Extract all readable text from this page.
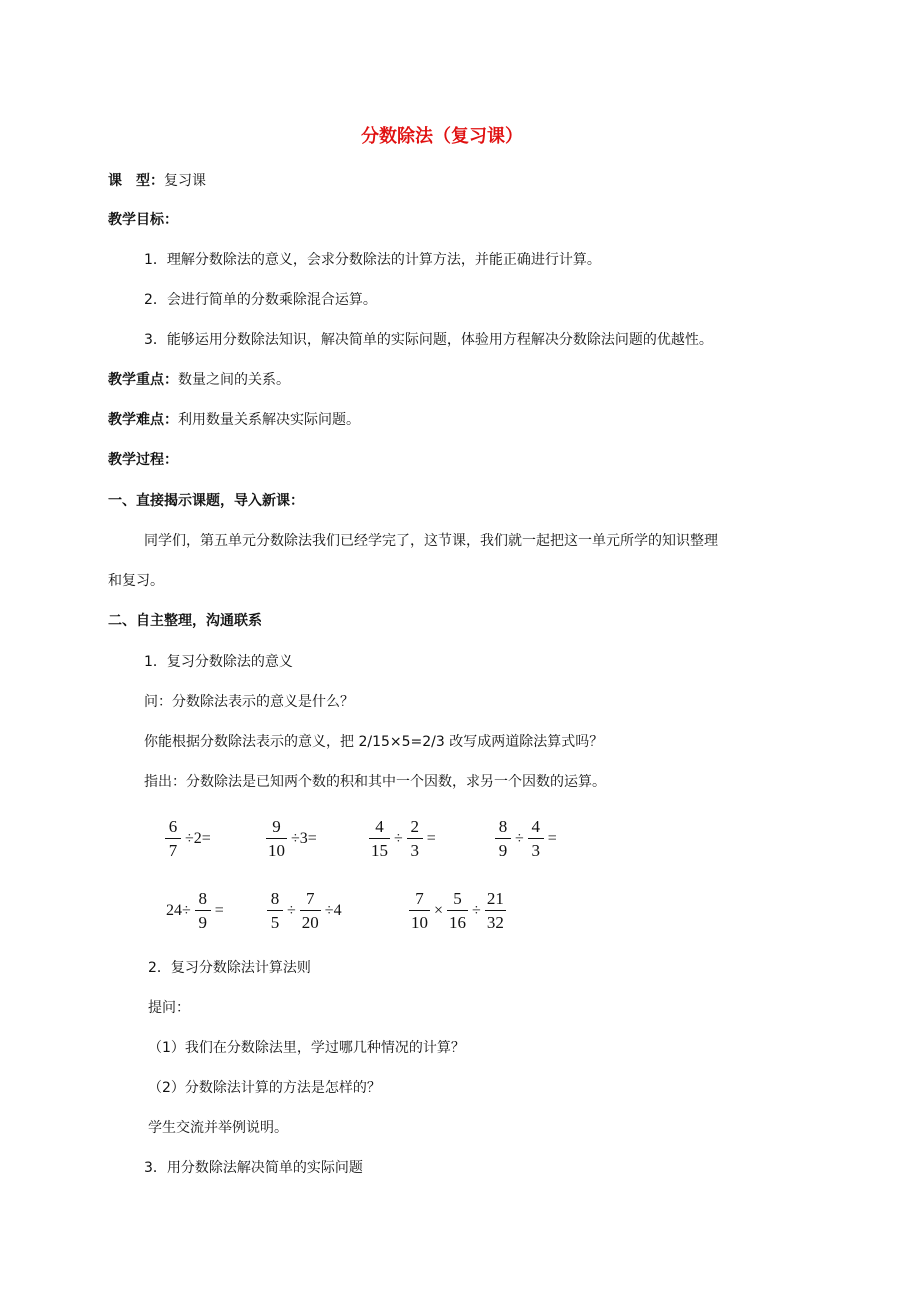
分数除法（复习课）
课　型：复习课
教学目标：
1．理解分数除法的意义，会求分数除法的计算方法，并能正确进行计算。
2．会进行简单的分数乘除混合运算。
3．能够运用分数除法知识，解决简单的实际问题，体验用方程解决分数除法问题的优越性。
教学重点：数量之间的关系。
教学难点：利用数量关系解决实际问题。
教学过程：
一、直接揭示课题，导入新课：
同学们，第五单元分数除法我们已经学完了，这节课，我们就一起把这一单元所学的知识整理
和复习。
二、自主整理，沟通联系
1．复习分数除法的意义
问：分数除法表示的意义是什么？
你能根据分数除法表示的意义，把 2/15×5=2/3 改写成两道除法算式吗？
指出：分数除法是已知两个数的积和其中一个因数，求另一个因数的运算。
$\frac{6}{7} \div 2=$	$\frac{9}{10} \div 3=$	$\frac{4}{15} \div \frac{2}{3}$ =	$\frac{8}{9} \div \frac{4}{3}$ =
$24\div \frac{8}{9}$ =	$\frac{8}{5} \div \frac{7}{20} \div 4$	$\frac{7}{10} \times \frac{5}{16} \div \frac{21}{32}$
2．复习分数除法计算法则
提问：
（1）我们在分数除法里，学过哪几种情况的计算？
（2）分数除法计算的方法是怎样的？
学生交流并举例说明。
3．用分数除法解决简单的实际问题
